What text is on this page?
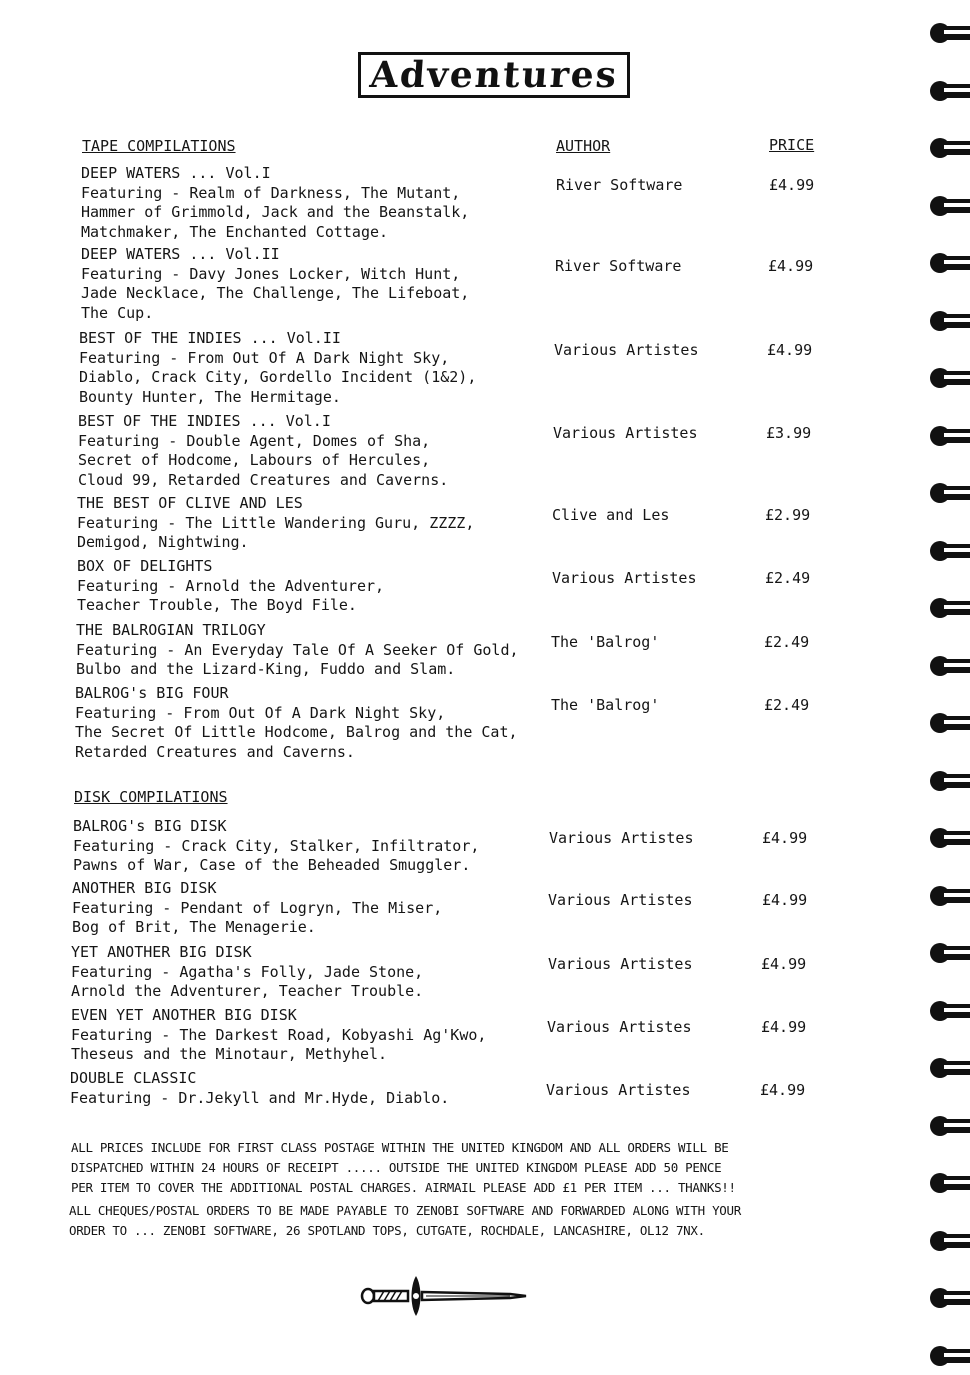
Adventures
TAPE COMPILATIONS	AUTHOR	PRICE
DEEP WATERS ... Vol.I
Featuring - Realm of Darkness, The Mutant,
Hammer of Grimmold, Jack and the Beanstalk,
Matchmaker, The Enchanted Cottage.
River Software	£4.99
DEEP WATERS ... Vol.II
Featuring - Davy Jones Locker, Witch Hunt,
Jade Necklace, The Challenge, The Lifeboat,
The Cup.
River Software	£4.99
BEST OF THE INDIES ... Vol.II
Featuring - From Out Of A Dark Night Sky,
Diablo, Crack City, Gordello Incident (1&2),
Bounty Hunter, The Hermitage.
Various Artistes	£4.99
BEST OF THE INDIES ... Vol.I
Featuring - Double Agent, Domes of Sha,
Secret of Hodcome, Labours of Hercules,
Cloud 99, Retarded Creatures and Caverns.
Various Artistes	£3.99
THE BEST OF CLIVE AND LES
Featuring - The Little Wandering Guru, ZZZZ,
Demigod, Nightwing.
Clive and Les	£2.99
BOX OF DELIGHTS
Featuring - Arnold the Adventurer,
Teacher Trouble, The Boyd File.
Various Artistes	£2.49
THE BALROGIAN TRILOGY
Featuring - An Everyday Tale Of A Seeker Of Gold,
Bulbo and the Lizard-King, Fuddo and Slam.
The 'Balrog'	£2.49
BALROG's BIG FOUR
Featuring - From Out Of A Dark Night Sky,
The Secret Of Little Hodcome, Balrog and the Cat,
Retarded Creatures and Caverns.
The 'Balrog'	£2.49
DISK COMPILATIONS
BALROG's BIG DISK
Featuring - Crack City, Stalker, Infiltrator,
Pawns of War, Case of the Beheaded Smuggler.
Various Artistes	£4.99
ANOTHER BIG DISK
Featuring - Pendant of Logryn, The Miser,
Bog of Brit, The Menagerie.
Various Artistes	£4.99
YET ANOTHER BIG DISK
Featuring - Agatha's Folly, Jade Stone,
Arnold the Adventurer, Teacher Trouble.
Various Artistes	£4.99
EVEN YET ANOTHER BIG DISK
Featuring - The Darkest Road, Kobyashi Ag'Kwo,
Theseus and the Minotaur, Methyhel.
Various Artistes	£4.99
DOUBLE CLASSIC
Featuring - Dr.Jekyll and Mr.Hyde, Diablo.	Various Artistes	£4.99
ALL PRICES INCLUDE FOR FIRST CLASS POSTAGE WITHIN THE UNITED KINGDOM AND ALL ORDERS WILL BE
DISPATCHED WITHIN 24 HOURS OF RECEIPT ..... OUTSIDE THE UNITED KINGDOM PLEASE ADD 50 PENCE
PER ITEM TO COVER THE ADDITIONAL POSTAL CHARGES. AIRMAIL PLEASE ADD £1 PER ITEM ... THANKS!!
ALL CHEQUES/POSTAL ORDERS TO BE MADE PAYABLE TO ZENOBI SOFTWARE AND FORWARDED ALONG WITH YOUR
ORDER TO ... ZENOBI SOFTWARE, 26 SPOTLAND TOPS, CUTGATE, ROCHDALE, LANCASHIRE, OL12 7NX.
